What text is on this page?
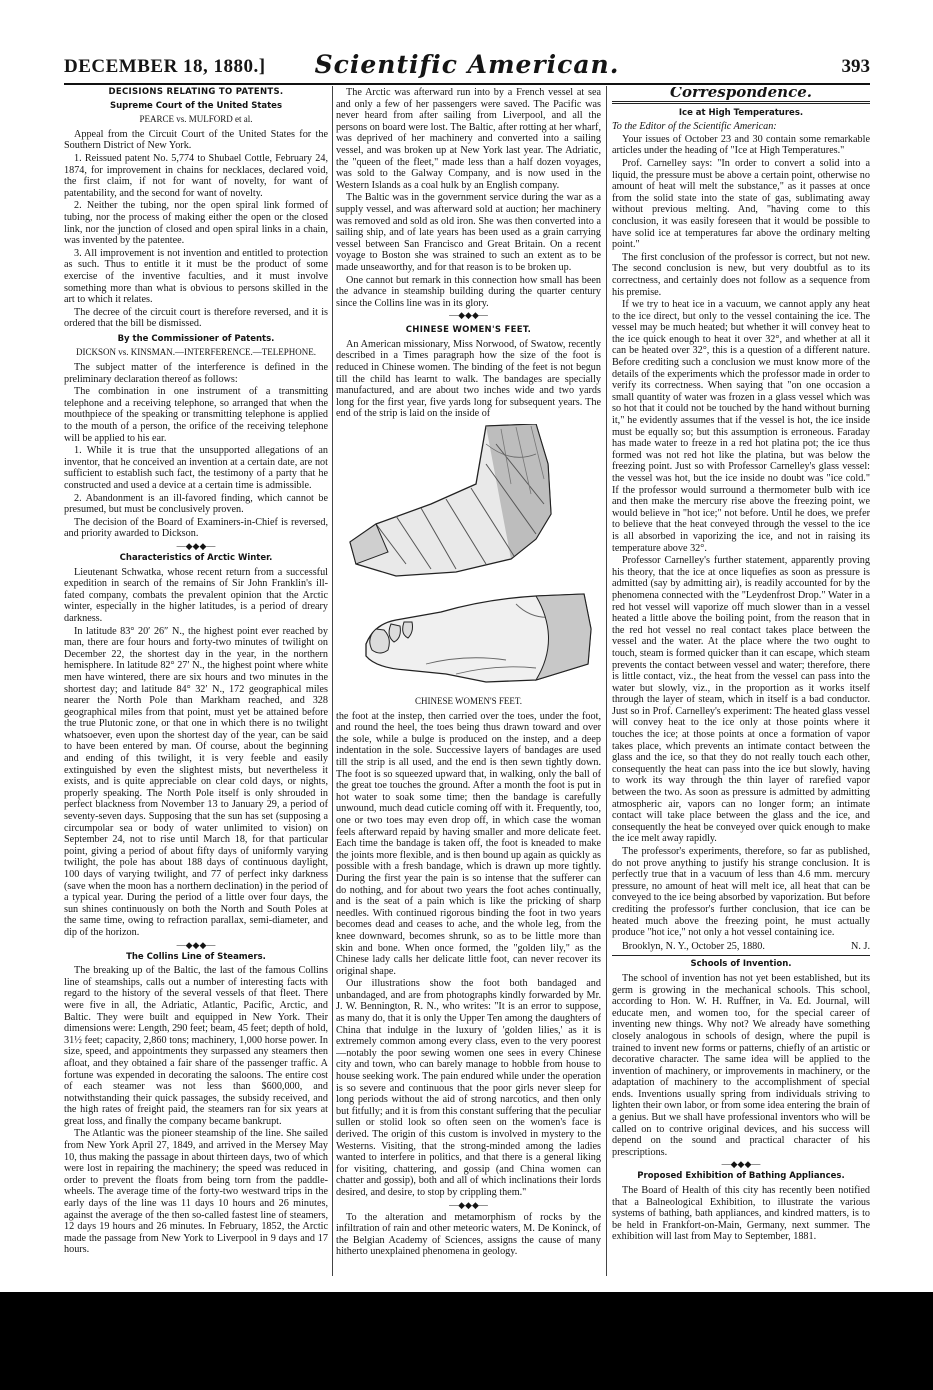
DECEMBER 18, 1880.]	Scientific American.	393
DECISIONS RELATING TO PATENTS.
Supreme Court of the United States
PEARCE vs. MULFORD et al.

Appeal from the Circuit Court of the United States for the Southern District of New York.

1. Reissued patent No. 5,774 to Shubael Cottle, February 24, 1874, for improvement in chains for necklaces, declared void, the first claim, if not for want of novelty, for want of patentability, and the second for want of novelty.

2. Neither the tubing, nor the open spiral link formed of tubing, nor the process of making either the open or the closed link, nor the junction of closed and open spiral links in a chain, was invented by the patentee.

3. All improvement is not invention and entitled to protection as such. Thus to entitle it it must be the product of some exercise of the inventive faculties, and it must involve something more than what is obvious to persons skilled in the art to which it relates.

The decree of the circuit court is therefore reversed, and it is ordered that the bill be dismissed.

By the Commissioner of Patents.
DICKSON vs. KINSMAN.—INTERFERENCE.—TELEPHONE.

The subject matter of the interference is defined in the preliminary declaration thereof as follows:

The combination in one instrument of a transmitting telephone and a receiving telephone, so arranged that when the mouthpiece of the speaking or transmitting telephone is applied to the mouth of a person, the orifice of the receiving telephone will be applied to his ear.

1. While it is true that the unsupported allegations of an inventor, that he conceived an invention at a certain date, are not sufficient to establish such fact, the testimony of a party that he constructed and used a device at a certain time is admissible.

2. Abandonment is an ill-favored finding, which cannot be presumed, but must be conclusively proven.

The decision of the Board of Examiners-in-Chief is reversed, and priority awarded to Dickson.

—◆◆◆—
Characteristics of Arctic Winter.

Lieutenant Schwatka, whose recent return from a successful expedition in search of the remains of Sir John Franklin's ill-fated company, combats the prevalent opinion that the Arctic winter, especially in the higher latitudes, is a period of dreary darkness.

In latitude 83° 20′ 26″ N., the highest point ever reached by man, there are four hours and forty-two minutes of twilight on December 22, the shortest day in the year, in the northern hemisphere. In latitude 82° 27′ N., the highest point where white men have wintered, there are six hours and two minutes in the shortest day; and latitude 84° 32′ N., 172 geographical miles nearer the North Pole than Markham reached, and 328 geographical miles from that point, must yet be attained before the true Plutonic zone, or that one in which there is no twilight whatsoever, even upon the shortest day of the year, can be said to have been entered by man. Of course, about the beginning and ending of this twilight, it is very feeble and easily extinguished by even the slightest mists, but nevertheless it exists, and is quite appreciable on clear cold days, or nights, properly speaking. The North Pole itself is only shrouded in perfect blackness from November 13 to January 29, a period of seventy-seven days. Supposing that the sun has set (supposing a circumpolar sea or body of water unlimited to vision) on September 24, not to rise until March 18, for that particular point, giving a period of about fifty days of uniformly varying twilight, the pole has about 188 days of continuous daylight, 100 days of varying twilight, and 77 of perfect inky darkness (save when the moon has a northern declination) in the period of a typical year. During the period of a little over four days, the sun shines continuously on both the North and South Poles at the same time, owing to refraction parallax, semi-diameter, and dip of the horizon.

—◆◆◆—
The Collins Line of Steamers.

The breaking up of the Baltic, the last of the famous Collins line of steamships, calls out a number of interesting facts with regard to the history of the several vessels of that fleet. There were five in all, the Adriatic, Atlantic, Pacific, Arctic, and Baltic. They were built and equipped in New York. Their dimensions were: Length, 290 feet; beam, 45 feet; depth of hold, 31½ feet; capacity, 2,860 tons; machinery, 1,000 horse power. In size, speed, and appointments they surpassed any steamers then afloat, and they obtained a fair share of the passenger traffic. A fortune was expended in decorating the saloons. The entire cost of each steamer was not less than $600,000, and notwithstanding their quick passages, the subsidy received, and the high rates of freight paid, the steamers ran for six years at great loss, and finally the company became bankrupt.

The Atlantic was the pioneer steamship of the line. She sailed from New York April 27, 1849, and arrived in the Mersey May 10, thus making the passage in about thirteen days, two of which were lost in repairing the machinery; the speed was reduced in order to prevent the floats from being torn from the paddle-wheels. The average time of the forty-two westward trips in the early days of the line was 11 days 10 hours and 26 minutes, against the average of the then so-called fastest line of steamers, 12 days 19 hours and 26 minutes. In February, 1852, the Arctic made the passage from New York to Liverpool in 9 days and 17 hours.

The Arctic was afterward run into by a French vessel at sea and only a few of her passengers were saved. The Pacific was never heard from after sailing from Liverpool, and all the persons on board were lost. The Baltic, after rotting at her wharf, was deprived of her machinery and converted into a sailing vessel, and was broken up at New York last year. The Adriatic, the "queen of the fleet," made less than a half dozen voyages, was sold to the Galway Company, and is now used in the Western Islands as a coal hulk by an English company.

The Baltic was in the government service during the war as a supply vessel, and was afterward sold at auction; her machinery was removed and sold as old iron. She was then converted into a sailing ship, and of late years has been used as a grain carrying vessel between San Francisco and Great Britain. On a recent voyage to Boston she was strained to such an extent as to be made unseaworthy, and for that reason is to be broken up.

One cannot but remark in this connection how small has been the advance in steamship building during the quarter century since the Collins line was in its glory.

—◆◆◆—
CHINESE WOMEN'S FEET.

An American missionary, Miss Norwood, of Swatow, recently described in a Times paragraph how the size of the foot is reduced in Chinese women. The binding of the feet is not begun till the child has learnt to walk. The bandages are specially manufactured, and are about two inches wide and two yards long for the first year, five yards long for subsequent years. The end of the strip is laid on the inside of

CHINESE WOMEN'S FEET.

the foot at the instep, then carried over the toes, under the foot, and round the heel, the toes being thus drawn toward and over the sole, while a bulge is produced on the instep, and a deep indentation in the sole. Successive layers of bandages are used till the strip is all used, and the end is then sewn tightly down. The foot is so squeezed upward that, in walking, only the ball of the great toe touches the ground. After a month the foot is put in hot water to soak some time; then the bandage is carefully unwound, much dead cuticle coming off with it. Frequently, too, one or two toes may even drop off, in which case the woman feels afterward repaid by having smaller and more delicate feet. Each time the bandage is taken off, the foot is kneaded to make the joints more flexible, and is then bound up again as quickly as possible with a fresh bandage, which is drawn up more tightly. During the first year the pain is so intense that the sufferer can do nothing, and for about two years the foot aches continually, and is the seat of a pain which is like the pricking of sharp needles. With continued rigorous binding the foot in two years becomes dead and ceases to ache, and the whole leg, from the knee downward, becomes shrunk, so as to be little more than skin and bone. When once formed, the "golden lily," as the Chinese lady calls her delicate little foot, can never recover its original shape.

Our illustrations show the foot both bandaged and unbandaged, and are from photographs kindly forwarded by Mr. J. W. Bennington, R. N., who writes: "It is an error to suppose, as many do, that it is only the Upper Ten among the daughters of China that indulge in the luxury of 'golden lilies,' as it is extremely common among every class, even to the very poorest—notably the poor sewing women one sees in every Chinese city and town, who can barely manage to hobble from house to house seeking work. The pain endured while under the operation is so severe and continuous that the poor girls never sleep for long periods without the aid of strong narcotics, and then only but fitfully; and it is from this constant suffering that the peculiar sullen or stolid look so often seen on the women's face is derived. The origin of this custom is involved in mystery to the Westerns. Visiting, that the strong-minded among the ladies wanted to interfere in politics, and that there is a general liking for visiting, chattering, and gossip (and China women can chatter and gossip), both and all of which inclinations their lords desired, and desire, to stop by crippling them."

—◆◆◆—

To the alteration and metamorphism of rocks by the infiltration of rain and other meteoric waters, M. De Koninck, of the Belgian Academy of Sciences, assigns the cause of many hitherto unexplained phenomena in geology.

Correspondence.
Ice at High Temperatures.

To the Editor of the Scientific American:

Your issues of October 23 and 30 contain some remarkable articles under the heading of "Ice at High Temperatures."

Prof. Carnelley says: "In order to convert a solid into a liquid, the pressure must be above a certain point, otherwise no amount of heat will melt the substance," as it passes at once from the solid state into the state of gas, sublimating away without previous melting. And, "having come to this conclusion, it was easily foreseen that it would be possible to have solid ice at temperatures far above the ordinary melting point."

The first conclusion of the professor is correct, but not new. The second conclusion is new, but very doubtful as to its correctness, and certainly does not follow as a sequence from his premise.

If we try to heat ice in a vacuum, we cannot apply any heat to the ice direct, but only to the vessel containing the ice. The vessel may be much heated; but whether it will convey heat to the ice quick enough to heat it over 32°, and whether at all it can be heated over 32°, this is a question of a different nature. Before crediting such a conclusion we must know more of the details of the experiments which the professor made in order to verify its correctness. When saying that "on one occasion a small quantity of water was frozen in a glass vessel which was so hot that it could not be touched by the hand without burning it," he evidently assumes that if the vessel is hot, the ice inside must be equally so; but this assumption is erroneous. Faraday has made water to freeze in a red hot platina pot; the ice thus formed was not red hot like the platina, but was below the freezing point. Just so with Professor Carnelley's glass vessel: the vessel was hot, but the ice inside no doubt was "ice cold." If the professor would surround a thermometer bulb with ice and then make the mercury rise above the freezing point, we would believe in "hot ice;" not before. Until he does, we prefer to believe that the heat conveyed through the vessel to the ice is all absorbed in vaporizing the ice, and not in raising its temperature above 32°.

Professor Carnelley's further statement, apparently proving his theory, that the ice at once liquefies as soon as pressure is admitted (say by admitting air), is readily accounted for by the phenomena connected with the "Leydenfrost Drop." Water in a red hot vessel will vaporize off much slower than in a vessel heated a little above the boiling point, from the reason that in the red hot vessel no real contact takes place between the vessel and the water. At the place where the two ought to touch, steam is formed quicker than it can escape, which steam prevents the contact between vessel and water; therefore, there is little contact, viz., the heat from the vessel can pass into the water but slowly, viz., in the proportion as it works itself through the layer of steam, which in itself is a bad conductor. Just so in Prof. Carnelley's experiment: The heated glass vessel will convey heat to the ice only at those points where it touches the ice; at those points at once a formation of vapor takes place, which prevents an intimate contact between the glass and the ice, so that they do not really touch each other, consequently the heat can pass into the ice but slowly, having to work its way through the thin layer of rarefied vapor between the two. As soon as pressure is admitted by admitting atmospheric air, vapors can no longer form; an intimate contact will take place between the glass and the ice, and consequently the heat be conveyed over quick enough to make the ice melt away rapidly.

The professor's experiments, therefore, so far as published, do not prove anything to justify his strange conclusion. It is perfectly true that in a vacuum of less than 4.6 mm. mercury pressure, no amount of heat will melt ice, all heat that can be conveyed to the ice being absorbed by vaporization. But before crediting the professor's further conclusion, that ice can be heated much above the freezing point, he must actually produce "hot ice," not only a hot vessel containing ice.

Brooklyn, N. Y., October 25, 1880.	N. J.
Schools of Invention.

The school of invention has not yet been established, but its germ is growing in the mechanical schools. This school, according to Hon. W. H. Ruffner, in Va. Ed. Journal, will educate men, and women too, for the special career of inventing new things. Why not? We already have something closely analogous in schools of design, where the pupil is trained to invent new forms or patterns, chiefly of an artistic or decorative character. The same idea will be applied to the invention of machinery, or improvements in machinery, or the adaptation of machinery to the accomplishment of special ends. Inventions usually spring from individuals striving to lighten their own labor, or from some idea entering the brain of a genius. But we shall have professional inventors who will be called on to contrive original devices, and his success will depend on the sound and practical character of his prescriptions.

—◆◆◆—
Proposed Exhibition of Bathing Appliances.

The Board of Health of this city has recently been notified that a Balneological Exhibition, to illustrate the various systems of bathing, bath appliances, and kindred matters, is to be held in Frankfort-on-Main, Germany, next summer. The exhibition will last from May to September, 1881.
